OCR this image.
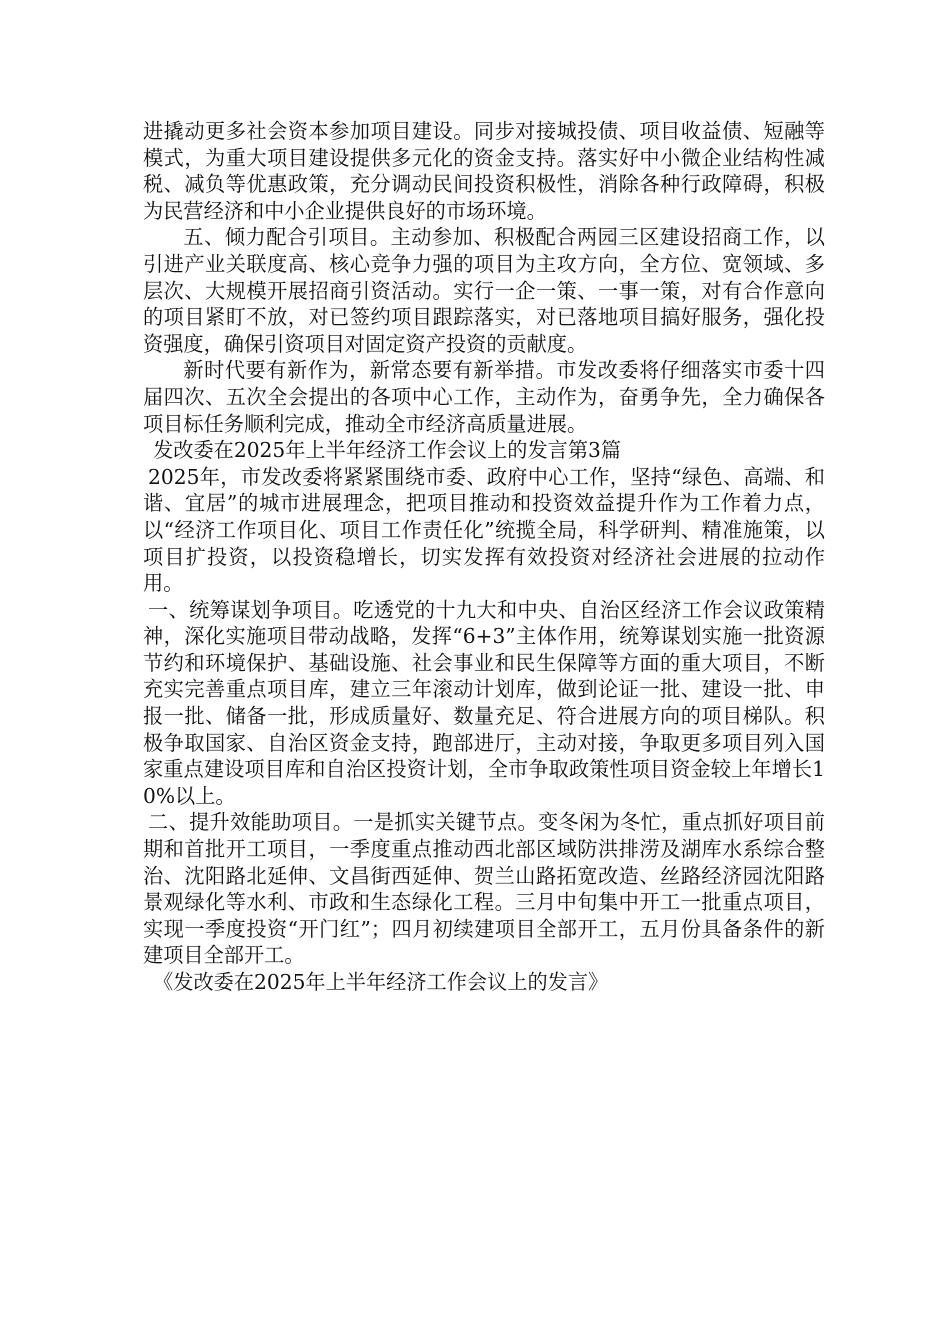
进撬动更多社会资本参加项目建设。同步对接城投债、项目收益债、短融等模式，为重大项目建设提供多元化的资金支持。落实好中小微企业结构性减税、减负等优惠政策，充分调动民间投资积极性，消除各种行政障碍，积极为民营经济和中小企业提供良好的市场环境。

五、倾力配合引项目。主动参加、积极配合两园三区建设招商工作，以引进产业关联度高、核心竞争力强的项目为主攻方向，全方位、宽领域、多层次、大规模开展招商引资活动。实行一企一策、一事一策，对有合作意向的项目紧盯不放，对已签约项目跟踪落实，对已落地项目搞好服务，强化投资强度，确保引资项目对固定资产投资的贡献度。

新时代要有新作为，新常态要有新举措。市发改委将仔细落实市委十四届四次、五次全会提出的各项中心工作，主动作为，奋勇争先，全力确保各项目标任务顺利完成，推动全市经济高质量进展。

发改委在2025年上半年经济工作会议上的发言第3篇

2025年，市发改委将紧紧围绕市委、政府中心工作，坚持“绿色、高端、和谐、宜居”的城市进展理念，把项目推动和投资效益提升作为工作着力点，以“经济工作项目化、项目工作责任化”统揽全局，科学研判、精准施策，以项目扩投资，以投资稳增长，切实发挥有效投资对经济社会进展的拉动作用。

一、统筹谋划争项目。吃透党的十九大和中央、自治区经济工作会议政策精神，深化实施项目带动战略，发挥“6+3”主体作用，统筹谋划实施一批资源节约和环境保护、基础设施、社会事业和民生保障等方面的重大项目，不断充实完善重点项目库，建立三年滚动计划库，做到论证一批、建设一批、申报一批、储备一批，形成质量好、数量充足、符合进展方向的项目梯队。积极争取国家、自治区资金支持，跑部进厅，主动对接，争取更多项目列入国家重点建设项目库和自治区投资计划，全市争取政策性项目资金较上年增长10%以上。

二、提升效能助项目。一是抓实关键节点。变冬闲为冬忙，重点抓好项目前期和首批开工项目，一季度重点推动西北部区域防洪排涝及湖库水系综合整治、沈阳路北延伸、文昌街西延伸、贺兰山路拓宽改造、丝路经济园沈阳路景观绿化等水利、市政和生态绿化工程。三月中旬集中开工一批重点项目，实现一季度投资“开门红”；四月初续建项目全部开工，五月份具备条件的新建项目全部开工。

《发改委在2025年上半年经济工作会议上的发言》
